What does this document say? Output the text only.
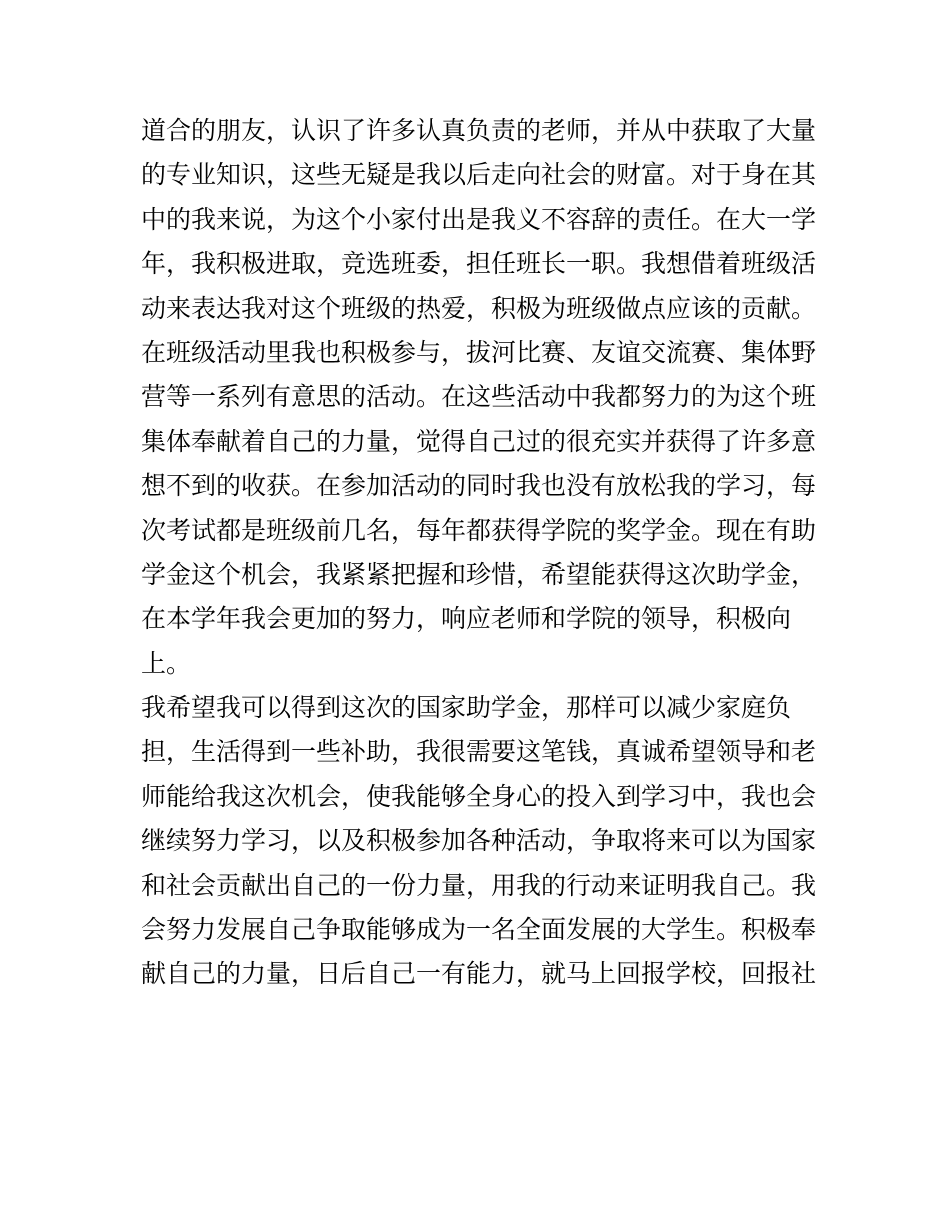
道合的朋友，认识了许多认真负责的老师，并从中获取了大量
的专业知识，这些无疑是我以后走向社会的财富。对于身在其
中的我来说，为这个小家付出是我义不容辞的责任。在大一学
年，我积极进取，竞选班委，担任班长一职。我想借着班级活
动来表达我对这个班级的热爱，积极为班级做点应该的贡献。
在班级活动里我也积极参与，拔河比赛、友谊交流赛、集体野
营等一系列有意思的活动。在这些活动中我都努力的为这个班
集体奉献着自己的力量，觉得自己过的很充实并获得了许多意
想不到的收获。在参加活动的同时我也没有放松我的学习，每
次考试都是班级前几名，每年都获得学院的奖学金。现在有助
学金这个机会，我紧紧把握和珍惜，希望能获得这次助学金，
在本学年我会更加的努力，响应老师和学院的领导，积极向
上。
我希望我可以得到这次的国家助学金，那样可以减少家庭负
担，生活得到一些补助，我很需要这笔钱，真诚希望领导和老
师能给我这次机会，使我能够全身心的投入到学习中，我也会
继续努力学习，以及积极参加各种活动，争取将来可以为国家
和社会贡献出自己的一份力量，用我的行动来证明我自己。我
会努力发展自己争取能够成为一名全面发展的大学生。积极奉
献自己的力量，日后自己一有能力，就马上回报学校，回报社
